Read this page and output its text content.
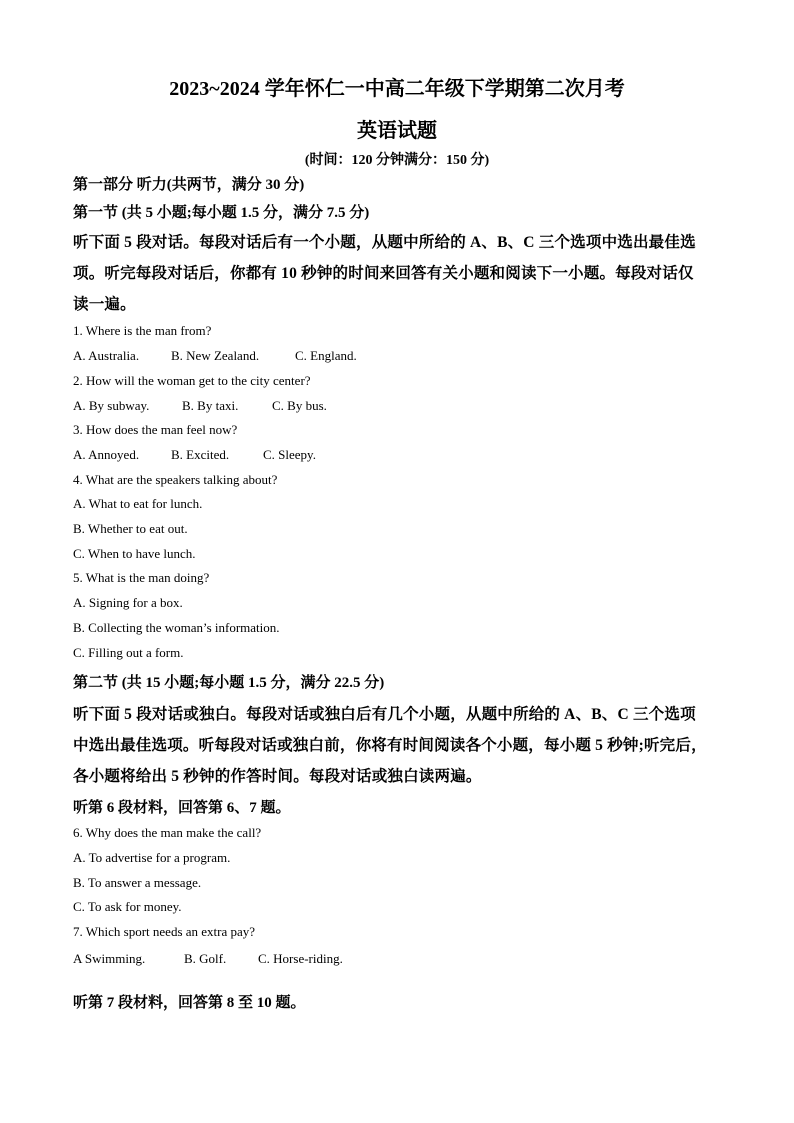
2023~2024 学年怀仁一中高二年级下学期第二次月考
英语试题
(时间：120 分钟满分：150 分)
第一部分 听力(共两节，满分 30 分)
第一节 (共 5 小题;每小题 1.5 分，满分 7.5 分)
听下面 5 段对话。每段对话后有一个小题，从题中所给的 A、B、C 三个选项中选出最佳选
项。听完每段对话后，你都有 10 秒钟的时间来回答有关小题和阅读下一小题。每段对话仅
读一遍。
1. Where is the man from?
A. Australia. B. New Zealand.	C. England.
2. How will the woman get to the city center?
A. By subway.	B. By taxi.	C. By bus.
3. How does the man feel now?
A. Annoyed. B. Excited.	C. Sleepy.
4. What are the speakers talking about?
A. What to eat for lunch.
B. Whether to eat out.
C. When to have lunch.
5. What is the man doing?
A. Signing for a box.
B. Collecting the woman’s information.
C. Filling out a form.
第二节 (共 15 小题;每小题 1.5 分，满分 22.5 分)
听下面 5 段对话或独白。每段对话或独白后有几个小题，从题中所给的 A、B、C 三个选项
中选出最佳选项。听每段对话或独白前，你将有时间阅读各个小题，每小题 5 秒钟;听完后，
各小题将给出 5 秒钟的作答时间。每段对话或独白读两遍。
听第 6 段材料，回答第 6、7 题。
6. Why does the man make the call?
A. To advertise for a program.
B. To answer a message.
C. To ask for money.
7. Which sport needs an extra pay?
A Swimming.	B. Golf. C. Horse-riding.
听第 7 段材料，回答第 8 至 10 题。
